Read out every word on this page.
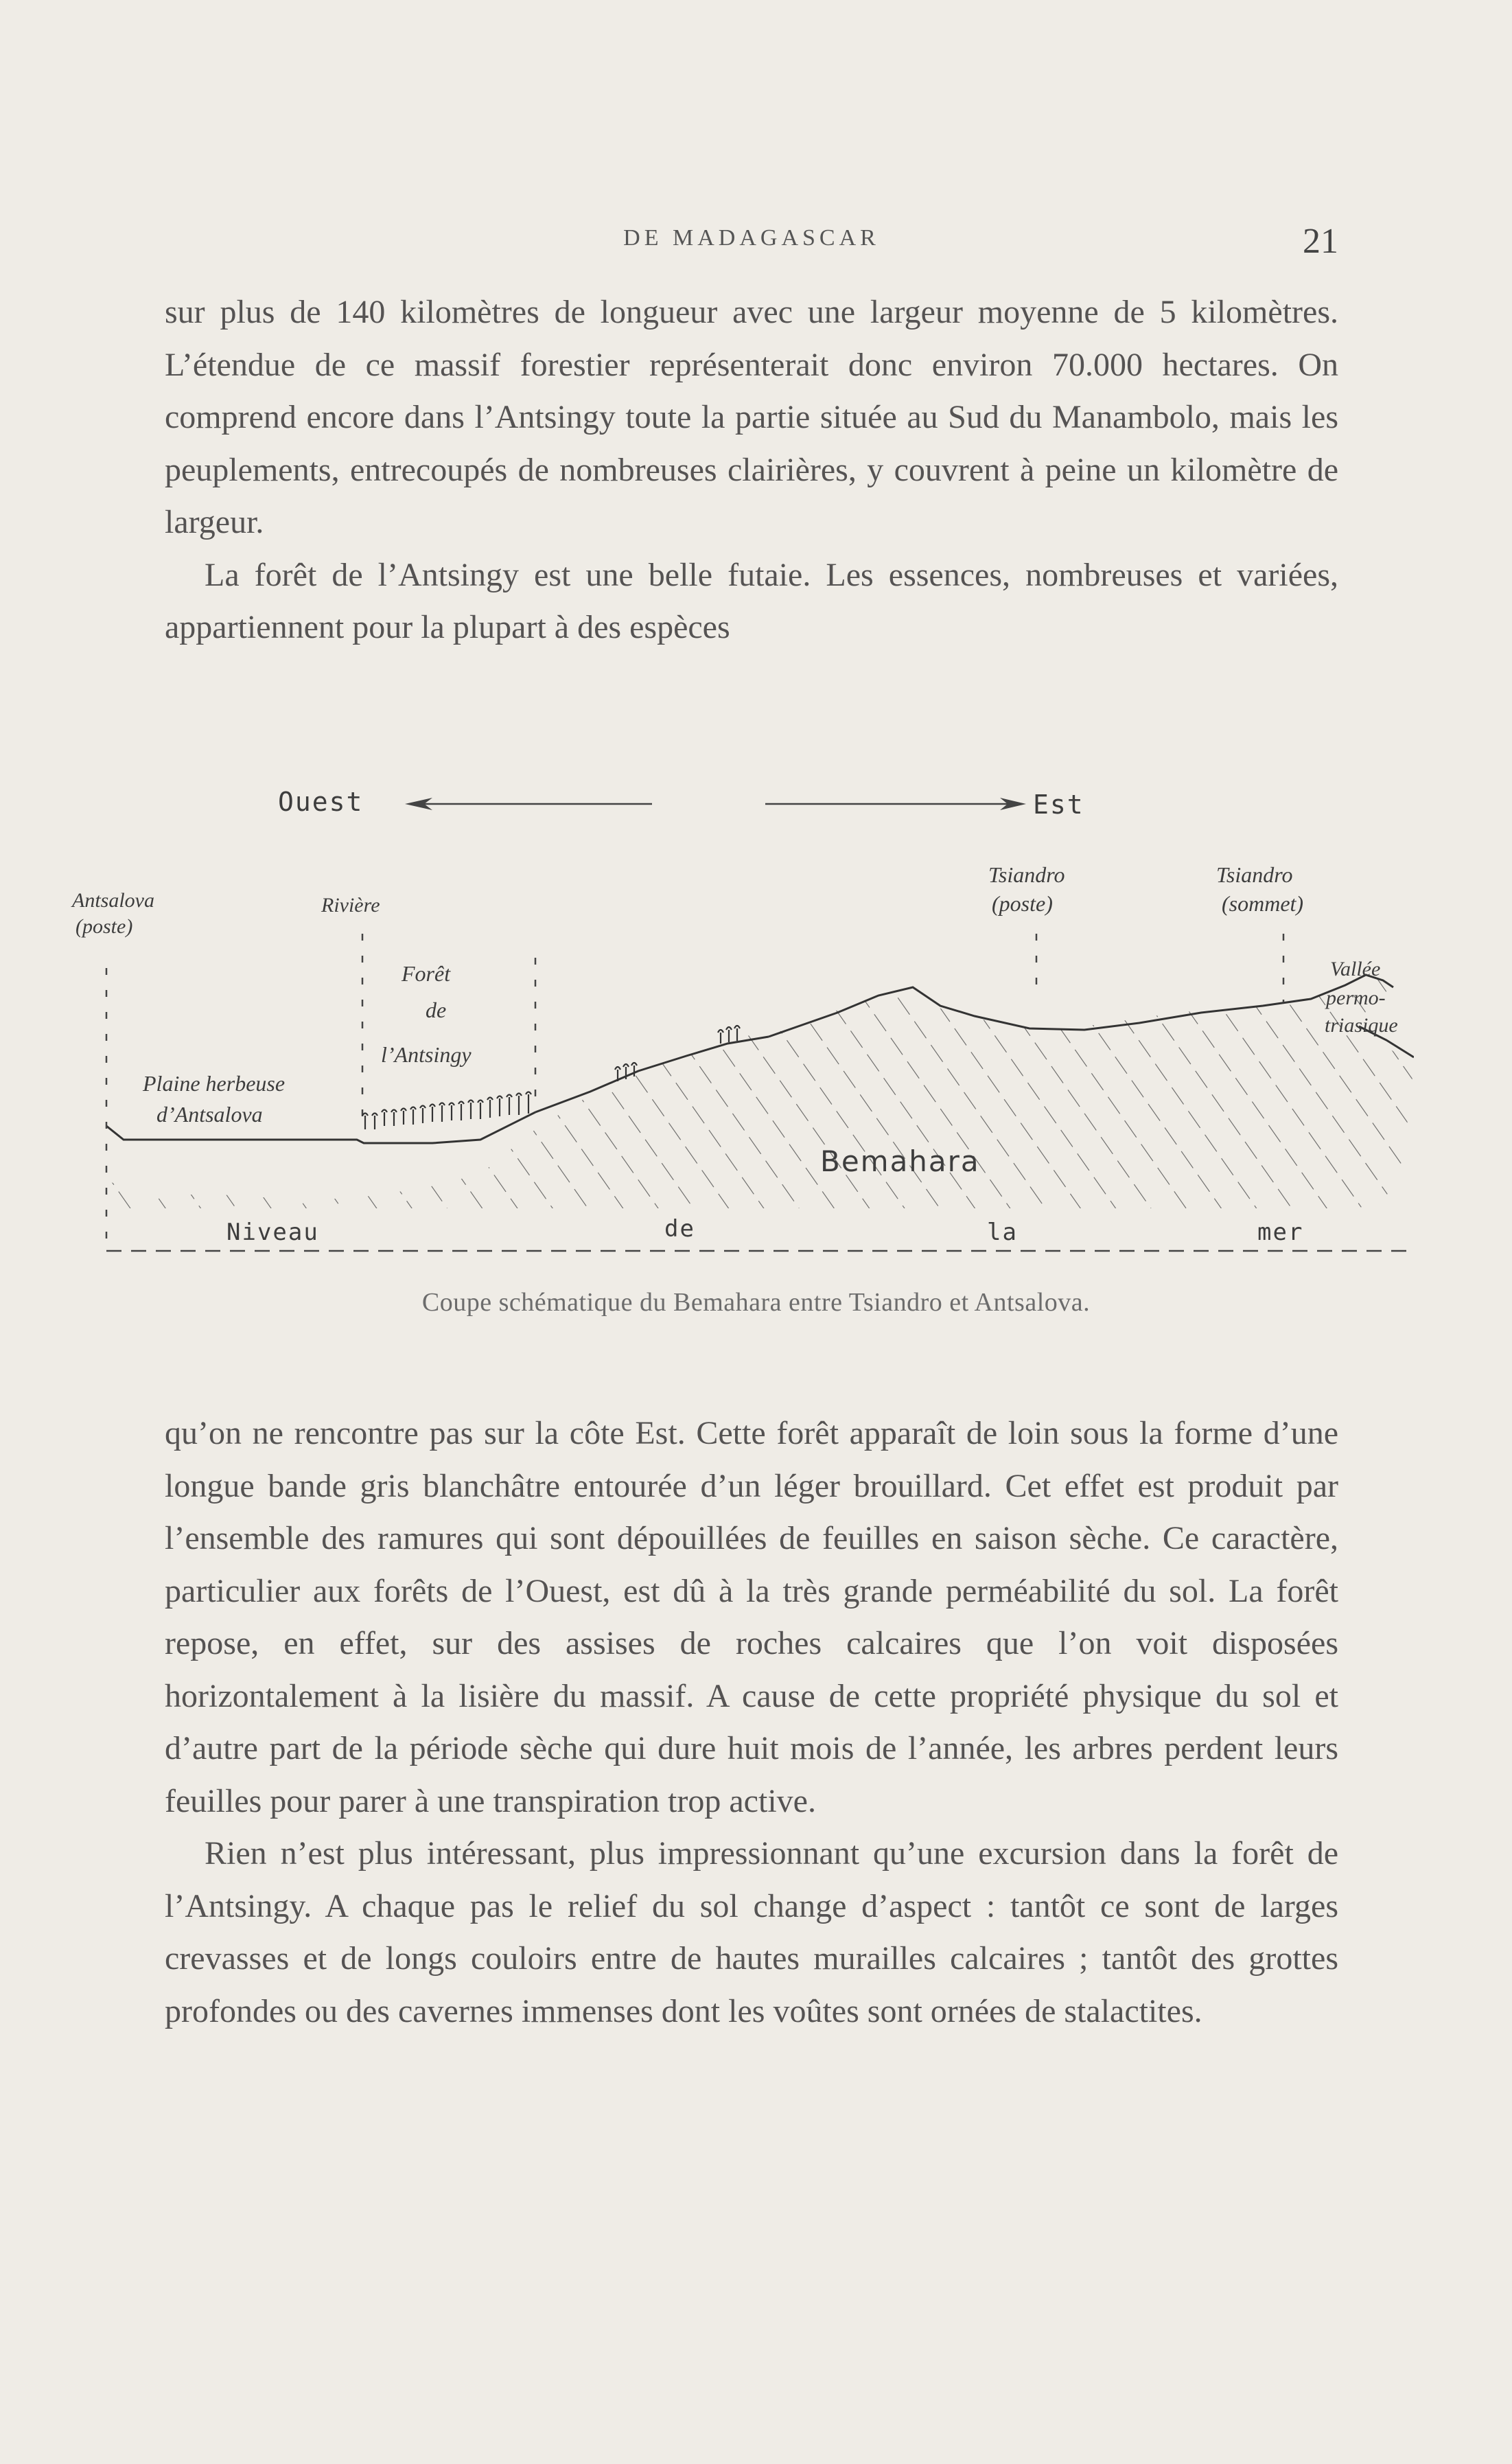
DE MADAGASCAR	21

sur plus de 140 kilomètres de longueur avec une largeur moyenne de 5 kilomètres. L’étendue de ce massif forestier représenterait donc environ 70.000 hectares. On comprend encore dans l’Antsingy toute la partie située au Sud du Manambolo, mais les peuplements, entrecoupés de nombreuses clairières, y couvrent à peine un kilomètre de largeur.

La forêt de l’Antsingy est une belle futaie. Les essences, nombreuses et variées, appartiennent pour la plupart à des espèces

Ouest	Est
Antsalova
(poste)
Rivière
Forêt
de
l’Antsingy
Plaine herbeuse
d’Antsalova
Tsiandro
(poste)
Tsiandro
(sommet)
Vallée
permo-
triasique
Bemahara
Niveau	de	la	mer
Coupe schématique du Bemahara entre Tsiandro et Antsalova.

qu’on ne rencontre pas sur la côte Est. Cette forêt apparaît de loin sous la forme d’une longue bande gris blanchâtre entourée d’un léger brouillard. Cet effet est produit par l’ensemble des ramures qui sont dépouillées de feuilles en saison sèche. Ce caractère, particulier aux forêts de l’Ouest, est dû à la très grande perméabilité du sol. La forêt repose, en effet, sur des assises de roches calcaires que l’on voit disposées horizontalement à la lisière du massif. A cause de cette propriété physique du sol et d’autre part de la période sèche qui dure huit mois de l’année, les arbres perdent leurs feuilles pour parer à une transpiration trop active.

Rien n’est plus intéressant, plus impressionnant qu’une excursion dans la forêt de l’Antsingy. A chaque pas le relief du sol change d’aspect : tantôt ce sont de larges crevasses et de longs couloirs entre de hautes murailles calcaires ; tantôt des grottes profondes ou des cavernes immenses dont les voûtes sont ornées de stalactites.
